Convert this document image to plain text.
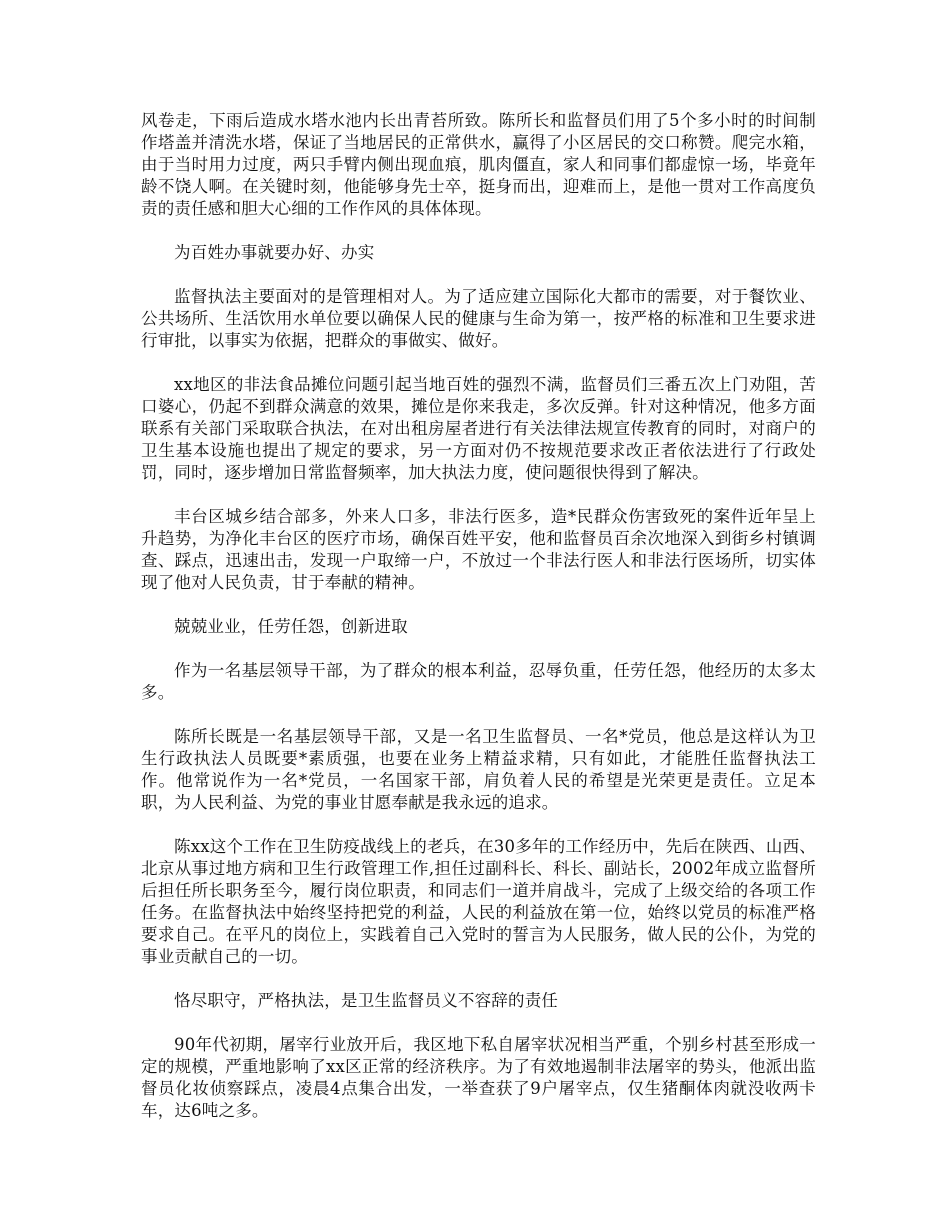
风卷走，下雨后造成水塔水池内长出青苔所致。陈所长和监督员们用了5个多小时的时间制作塔盖并清洗水塔，保证了当地居民的正常供水，赢得了小区居民的交口称赞。爬完水箱，由于当时用力过度，两只手臂内侧出现血痕，肌肉僵直，家人和同事们都虚惊一场，毕竟年龄不饶人啊。在关键时刻，他能够身先士卒，挺身而出，迎难而上，是他一贯对工作高度负责的责任感和胆大心细的工作作风的具体体现。

为百姓办事就要办好、办实

监督执法主要面对的是管理相对人。为了适应建立国际化大都市的需要，对于餐饮业、公共场所、生活饮用水单位要以确保人民的健康与生命为第一，按严格的标准和卫生要求进行审批，以事实为依据，把群众的事做实、做好。

xx地区的非法食品摊位问题引起当地百姓的强烈不满，监督员们三番五次上门劝阻，苦口婆心，仍起不到群众满意的效果，摊位是你来我走，多次反弹。针对这种情况，他多方面联系有关部门采取联合执法，在对出租房屋者进行有关法律法规宣传教育的同时，对商户的卫生基本设施也提出了规定的要求，另一方面对仍不按规范要求改正者依法进行了行政处罚，同时，逐步增加日常监督频率，加大执法力度，使问题很快得到了解决。

丰台区城乡结合部多，外来人口多，非法行医多，造*民群众伤害致死的案件近年呈上升趋势，为净化丰台区的医疗市场，确保百姓平安，他和监督员百余次地深入到街乡村镇调查、踩点，迅速出击，发现一户取缔一户，不放过一个非法行医人和非法行医场所，切实体现了他对人民负责，甘于奉献的精神。

兢兢业业，任劳任怨，创新进取

作为一名基层领导干部，为了群众的根本利益，忍辱负重，任劳任怨，他经历的太多太多。

陈所长既是一名基层领导干部，又是一名卫生监督员、一名*党员，他总是这样认为卫生行政执法人员既要*素质强，也要在业务上精益求精，只有如此，才能胜任监督执法工作。他常说作为一名*党员，一名国家干部，肩负着人民的希望是光荣更是责任。立足本职，为人民利益、为党的事业甘愿奉献是我永远的追求。

陈xx这个工作在卫生防疫战线上的老兵，在30多年的工作经历中，先后在陕西、山西、北京从事过地方病和卫生行政管理工作,担任过副科长、科长、副站长，2002年成立监督所后担任所长职务至今，履行岗位职责，和同志们一道并肩战斗，完成了上级交给的各项工作任务。在监督执法中始终坚持把党的利益，人民的利益放在第一位，始终以党员的标准严格要求自己。在平凡的岗位上，实践着自己入党时的誓言为人民服务，做人民的公仆，为党的事业贡献自己的一切。

恪尽职守，严格执法，是卫生监督员义不容辞的责任

90年代初期，屠宰行业放开后，我区地下私自屠宰状况相当严重，个别乡村甚至形成一定的规模，严重地影响了xx区正常的经济秩序。为了有效地遏制非法屠宰的势头，他派出监督员化妆侦察踩点，凌晨4点集合出发，一举查获了9户屠宰点，仅生猪酮体肉就没收两卡车，达6吨之多。
